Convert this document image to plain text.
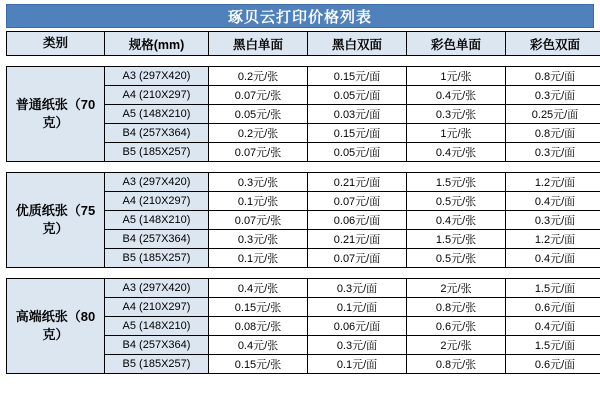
琢贝云打印价格列表
类别	规格(mm)	黑白单面	黑白双面	彩色单面	彩色双面
普通纸张（70克）	A3 (297X420)	0.2元/张	0.15元/面	1元/张	0.8元/面
	A4 (210X297)	0.07元/张	0.05元/面	0.4元/张	0.3元/面
	A5 (148X210)	0.05元/张	0.03元/面	0.3元/张	0.25元/面
	B4 (257X364)	0.2元/张	0.15元/面	1元/张	0.8元/面
	B5 (185X257)	0.07元/张	0.05元/面	0.4元/张	0.3元/面
优质纸张（75克）	A3 (297X420)	0.3元/张	0.21元/面	1.5元/张	1.2元/面
	A4 (210X297)	0.1元/张	0.07元/面	0.5元/张	0.4元/面
	A5 (148X210)	0.07元/张	0.06元/面	0.4元/张	0.3元/面
	B4 (257X364)	0.3元/张	0.21元/面	1.5元/张	1.2元/面
	B5 (185X257)	0.1元/张	0.07元/面	0.5元/张	0.4元/面
高端纸张（80克）	A3 (297X420)	0.4元/张	0.3元/面	2元/张	1.5元/面
	A4 (210X297)	0.15元/张	0.1元/面	0.8元/张	0.6元/面
	A5 (148X210)	0.08元/张	0.06元/面	0.6元/张	0.4元/面
	B4 (257X364)	0.4元/张	0.3元/面	2元/张	1.5元/面
	B5 (185X257)	0.15元/张	0.1元/面	0.8元/张	0.6元/面
